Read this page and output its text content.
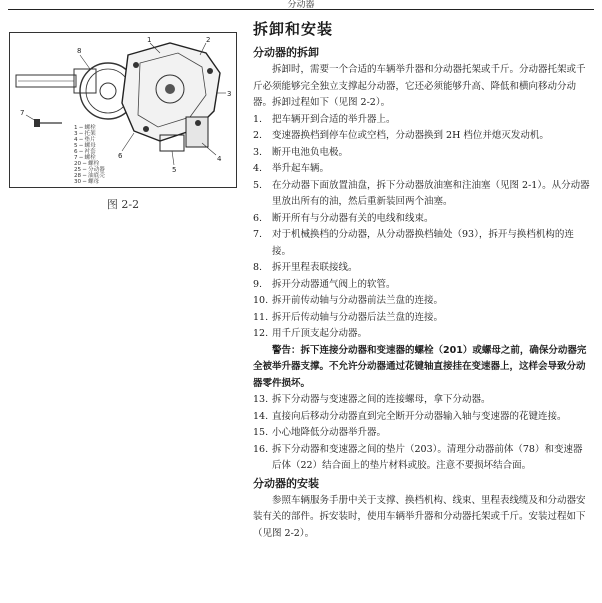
分动器
1	2
3
4
5
6
7
8
1 ─ 螺栓
3 ─ 托架
4 ─ 垫片
5 ─ 螺母
6 ─ 衬套
7 ─ 螺栓
20 ─ 螺栓
25 ─ 分动器
28 ─ 油底壳
30 ─ 螺母
图 2-2
拆卸和安装
分动器的拆卸

拆卸时，需要一个合适的车辆举升器和分动器托架或千斤。分动器托架或千斤必须能够完全独立支撑起分动器，它还必须能够升高、降低和横向移动分动器。拆卸过程如下（见图 2-2）。

1. 把车辆开到合适的举升器上。
2. 变速器换档到停车位或空档，分动器换到 2H 档位并熄灭发动机。
3. 断开电池负电极。
4. 举升起车辆。
5. 在分动器下面放置油盘，拆下分动器放油塞和注油塞（见图 2-1）。从分动器里放出所有的油，然后重新装回两个油塞。
6. 断开所有与分动器有关的电线和线束。
7. 对于机械换档的分动器，从分动器换档轴处（93），拆开与换档机构的连接。
8. 拆开里程表联接线。
9. 拆开分动器通气阀上的软管。
10. 拆开前传动轴与分动器前法兰盘的连接。
11. 拆开后传动轴与分动器后法兰盘的连接。
12. 用千斤顶支起分动器。

警告：拆下连接分动器和变速器的螺栓（201）或螺母之前，确保分动器完全被举升器支撑。不允许分动器通过花键轴直接挂在变速器上，这样会导致分动器零件损坏。

13. 拆下分动器与变速器之间的连接螺母，拿下分动器。
14. 直接向后移动分动器直到完全断开分动器输入轴与变速器的花键连接。
15. 小心地降低分动器举升器。
16. 拆下分动器和变速器之间的垫片（203）。清理分动器前体（78）和变速器后体（22）结合面上的垫片材料或胶。注意不要损坏结合面。
分动器的安装

参照车辆服务手册中关于支撑、换档机构、线束、里程表线缆及和分动器安装有关的部件。拆安装时，使用车辆举升器和分动器托架或千斤。安装过程如下（见图 2-2）。
